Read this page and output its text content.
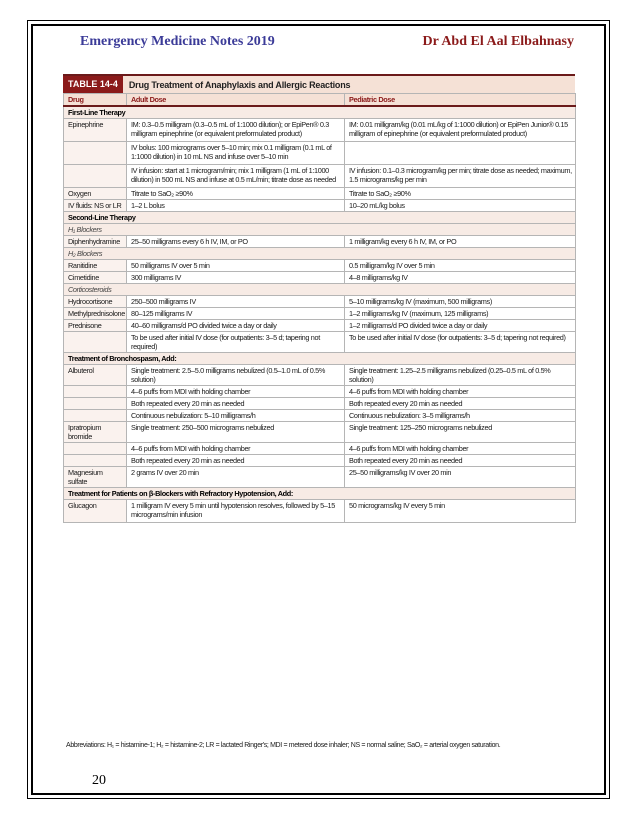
Emergency Medicine Notes 2019	Dr Abd El Aal Elbahnasy
TABLE 14-4	Drug Treatment of Anaphylaxis and Allergic Reactions
Drug	Adult Dose	Pediatric Dose
First-Line Therapy		
Epinephrine	IM: 0.3–0.5 milligram (0.3–0.5 mL of 1:1000 dilution); or EpiPen® 0.3 milligram epinephrine (or equivalent preformulated product)	IM: 0.01 milligram/kg (0.01 mL/kg of 1:1000 dilution) or EpiPen Junior® 0.15 milligram of epinephrine (or equivalent preformulated product)
	IV bolus: 100 micrograms over 5–10 min; mix 0.1 milligram (0.1 mL of 1:1000 dilution) in 10 mL NS and infuse over 5–10 min	
	IV infusion: start at 1 microgram/min; mix 1 milligram (1 mL of 1:1000 dilution) in 500 mL NS and infuse at 0.5 mL/min; titrate dose as needed	IV infusion: 0.1–0.3 microgram/kg per min; titrate dose as needed; maximum, 1.5 micrograms/kg per min
Oxygen	Titrate to SaO₂ ≥90%	Titrate to SaO₂ ≥90%
IV fluids: NS or LR	1–2 L bolus	10–20 mL/kg bolus
Second-Line Therapy		
H₁ Blockers		
Diphenhydramine	25–50 milligrams every 6 h IV, IM, or PO	1 milligram/kg every 6 h IV, IM, or PO
H₂ Blockers		
Ranitidine	50 milligrams IV over 5 min	0.5 milligram/kg IV over 5 min
Cimetidine	300 milligrams IV	4–8 milligrams/kg IV
Corticosteroids		
Hydrocortisone	250–500 milligrams IV	5–10 milligrams/kg IV (maximum, 500 milligrams)
Methylprednisolone	80–125 milligrams IV	1–2 milligrams/kg IV (maximum, 125 milligrams)
Prednisone	40–60 milligrams/d PO divided twice a day or daily	1–2 milligrams/d PO divided twice a day or daily
	To be used after initial IV dose (for outpatients: 3–5 d; tapering not required)	To be used after initial IV dose (for outpatients: 3–5 d; tapering not required)
Treatment of Bronchospasm, Add:		
Albuterol	Single treatment: 2.5–5.0 milligrams nebulized (0.5–1.0 mL of 0.5% solution)	Single treatment: 1.25–2.5 milligrams nebulized (0.25–0.5 mL of 0.5% solution)
	4–6 puffs from MDI with holding chamber	4–6 puffs from MDI with holding chamber
	Both repeated every 20 min as needed	Both repeated every 20 min as needed
	Continuous nebulization: 5–10 milligrams/h	Continuous nebulization: 3–5 milligrams/h
Ipratropium bromide	Single treatment: 250–500 micrograms nebulized	Single treatment: 125–250 micrograms nebulized
	4–6 puffs from MDI with holding chamber	4–6 puffs from MDI with holding chamber
	Both repeated every 20 min as needed	Both repeated every 20 min as needed
Magnesium sulfate	2 grams IV over 20 min	25–50 milligrams/kg IV over 20 min
Treatment for Patients on β-Blockers with Refractory Hypotension, Add:		
Glucagon	1 milligram IV every 5 min until hypotension resolves, followed by 5–15 micrograms/min infusion	50 micrograms/kg IV every 5 min
Abbreviations: H₁ = histamine-1; H₂ = histamine-2; LR = lactated Ringer's; MDI = metered dose inhaler; NS = normal saline; SaO₂ = arterial oxygen saturation.
20
